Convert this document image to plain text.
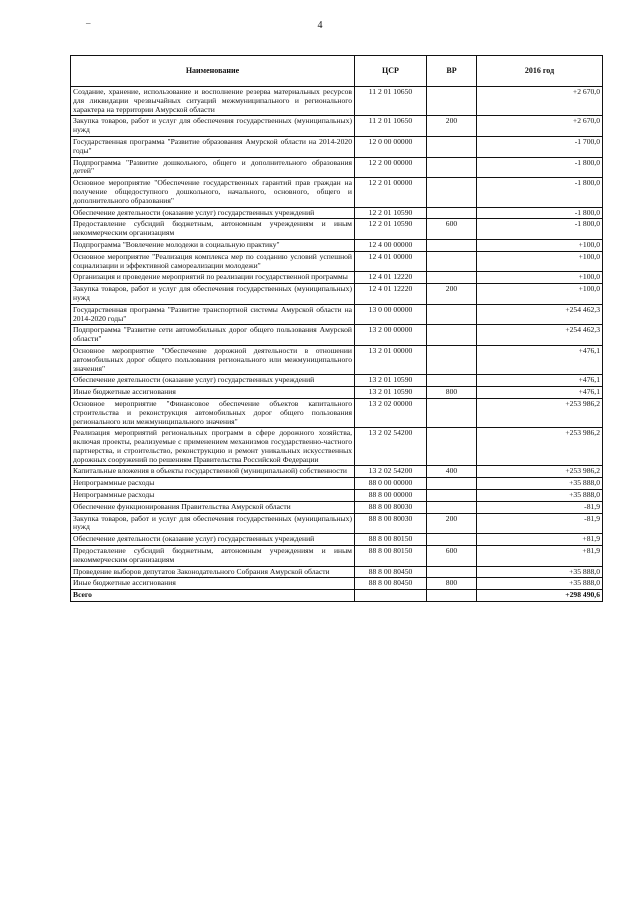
4
–
Наименование	ЦСР	ВР	2016 год
Создание, хранение, использование и восполнение резерва материальных ресурсов для ликвидации чрезвычайных ситуаций межмуниципального и регионального характера на территории Амурской области	11 2 01 10650		+2 670,0
Закупка товаров, работ и услуг для обеспечения государственных (муниципальных) нужд	11 2 01 10650	200	+2 670,0
Государственная программа "Развитие образования Амурской области на 2014-2020 годы"	12 0 00 00000		-1 700,0
Подпрограмма "Развитие дошкольного, общего и дополнительного образования детей"	12 2 00 00000		-1 800,0
Основное мероприятие "Обеспечение государственных гарантий прав граждан на получение общедоступного дошкольного, начального, основного, общего и дополнительного образования"	12 2 01 00000		-1 800,0
Обеспечение деятельности (оказание услуг) государственных учреждений	12 2 01 10590		-1 800,0
Предоставление субсидий бюджетным, автономным учреждениям и иным некоммерческим организациям	12 2 01 10590	600	-1 800,0
Подпрограмма "Вовлечение молодежи в социальную практику"	12 4 00 00000		+100,0
Основное мероприятие "Реализация комплекса мер по созданию условий успешной социализации и эффективной самореализации молодежи"	12 4 01 00000		+100,0
Организация и проведение мероприятий по реализации государственной программы	12 4 01 12220		+100,0
Закупка товаров, работ и услуг для обеспечения государственных (муниципальных) нужд	12 4 01 12220	200	+100,0
Государственная программа "Развитие транспортной системы Амурской области на 2014-2020 годы"	13 0 00 00000		+254 462,3
Подпрограмма "Развитие сети автомобильных дорог общего пользования Амурской области"	13 2 00 00000		+254 462,3
Основное мероприятие "Обеспечение дорожной деятельности в отношении автомобильных дорог общего пользования регионального или межмуниципального значения"	13 2 01 00000		+476,1
Обеспечение деятельности (оказание услуг) государственных учреждений	13 2 01 10590		+476,1
Иные бюджетные ассигнования	13 2 01 10590	800	+476,1
Основное мероприятие "Финансовое обеспечение объектов капитального строительства и реконструкция автомобильных дорог общего пользования регионального или межмуниципального значения"	13 2 02 00000		+253 986,2
Реализация мероприятий региональных программ в сфере дорожного хозяйства, включая проекты, реализуемые с применением механизмов государственно-частного партнерства, и строительство, реконструкцию и ремонт уникальных искусственных дорожных сооружений по решениям Правительства Российской Федерации	13 2 02 54200		+253 986,2
Капитальные вложения в объекты государственной (муниципальной) собственности	13 2 02 54200	400	+253 986,2
Непрограммные расходы	88 0 00 00000		+35 888,0
Непрограммные расходы	88 8 00 00000		+35 888,0
Обеспечение функционирования Правительства Амурской области	88 8 00 80030		-81,9
Закупка товаров, работ и услуг для обеспечения государственных (муниципальных) нужд	88 8 00 80030	200	-81,9
Обеспечение деятельности (оказание услуг) государственных учреждений	88 8 00 80150		+81,9
Предоставление субсидий бюджетным, автономным учреждениям и иным некоммерческим организациям	88 8 00 80150	600	+81,9
Проведение выборов депутатов Законодательного Собрания Амурской области	88 8 00 80450		+35 888,0
Иные бюджетные ассигнования	88 8 00 80450	800	+35 888,0
Всего			+298 490,6
